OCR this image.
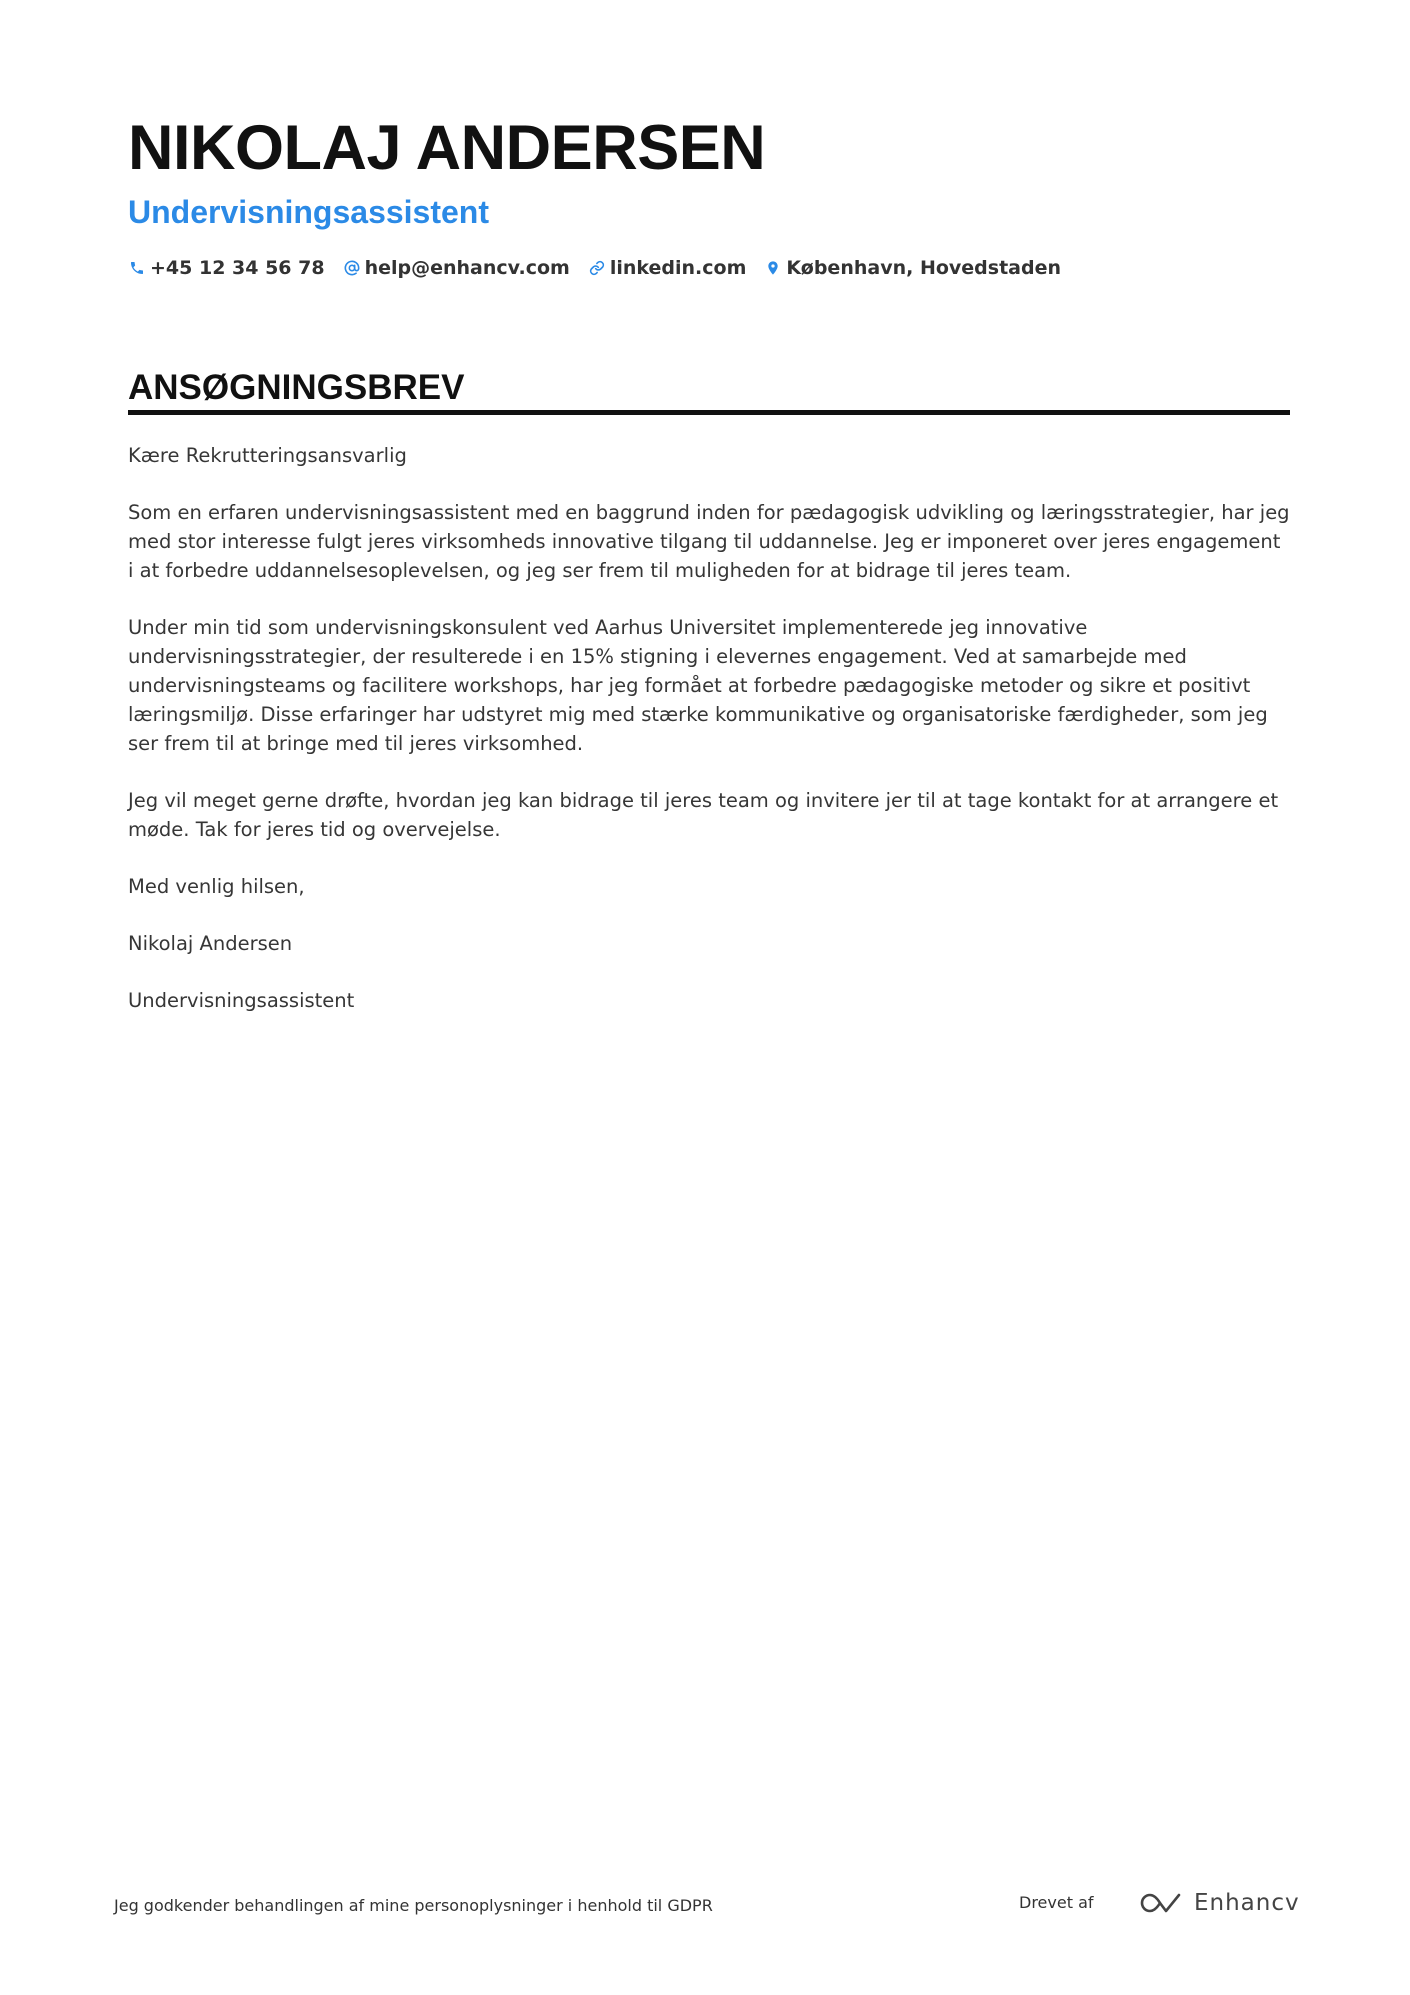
NIKOLAJ ANDERSEN
Undervisningsassistent
+45 12 34 56 78 help@enhancv.com linkedin.com København, Hovedstaden
ANSØGNINGSBREV

Kære Rekrutteringsansvarlig

Som en erfaren undervisningsassistent med en baggrund inden for pædagogisk udvikling og læringsstrategier, har jeg med stor interesse fulgt jeres virksomheds innovative tilgang til uddannelse. Jeg er imponeret over jeres engagement i at forbedre uddannelsesoplevelsen, og jeg ser frem til muligheden for at bidrage til jeres team.

Under min tid som undervisningskonsulent ved Aarhus Universitet implementerede jeg innovative undervisningsstrategier, der resulterede i en 15% stigning i elevernes engagement. Ved at samarbejde med undervisningsteams og facilitere workshops, har jeg formået at forbedre pædagogiske metoder og sikre et positivt læringsmiljø. Disse erfaringer har udstyret mig med stærke kommunikative og organisatoriske færdigheder, som jeg ser frem til at bringe med til jeres virksomhed.

Jeg vil meget gerne drøfte, hvordan jeg kan bidrage til jeres team og invitere jer til at tage kontakt for at arrangere et møde. Tak for jeres tid og overvejelse.

Med venlig hilsen,

Nikolaj Andersen

Undervisningsassistent

Jeg godkender behandlingen af mine personoplysninger i henhold til GDPR	Drevet af	Enhancv
